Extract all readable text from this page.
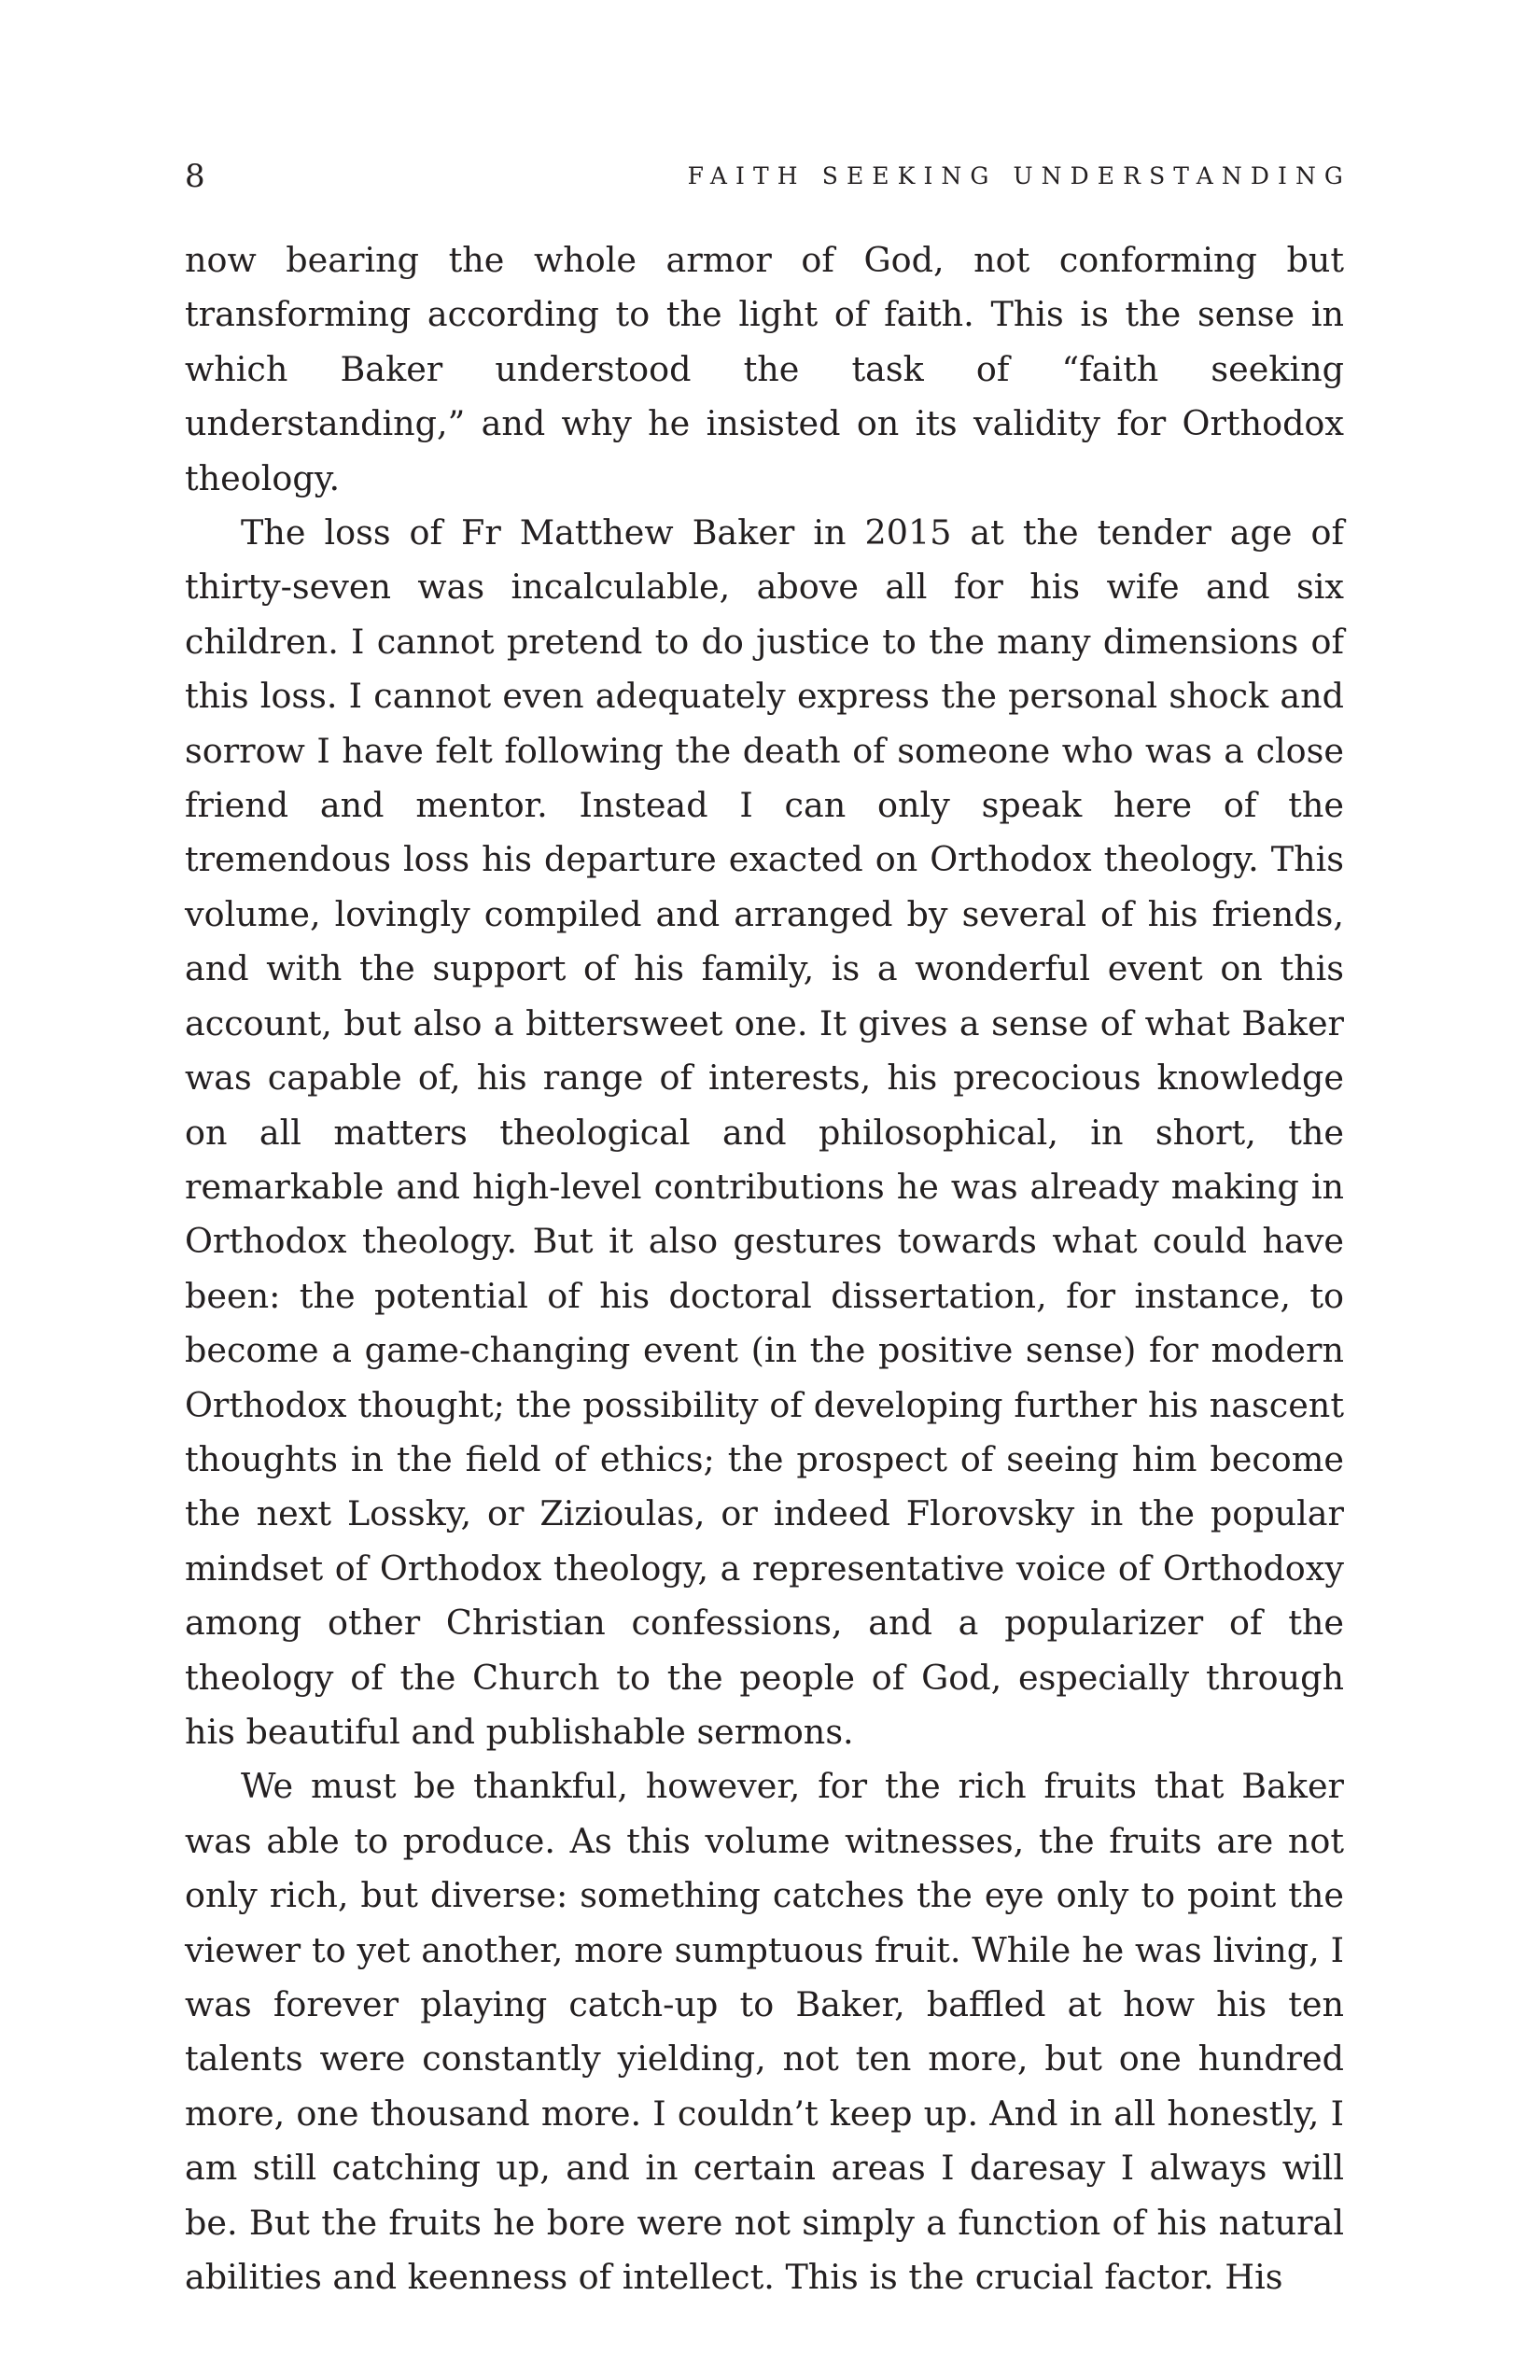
8	FAITH SEEKING UNDERSTANDING

now bearing the whole armor of God, not conforming but transforming according to the light of faith. This is the sense in which Baker understood the task of “faith seeking understanding,” and why he insisted on its validity for Orthodox theology.

The loss of Fr Matthew Baker in 2015 at the tender age of thirty-seven was incalculable, above all for his wife and six children. I cannot pretend to do justice to the many dimensions of this loss. I cannot even adequately express the personal shock and sorrow I have felt following the death of someone who was a close friend and mentor. Instead I can only speak here of the tremendous loss his departure exacted on Orthodox theology. This volume, lovingly compiled and arranged by several of his friends, and with the support of his family, is a wonderful event on this account, but also a bittersweet one. It gives a sense of what Baker was capable of, his range of interests, his precocious knowledge on all matters theological and philosophical, in short, the remarkable and high-level contributions he was already making in Orthodox theology. But it also gestures towards what could have been: the potential of his doctoral dissertation, for instance, to become a game-changing event (in the positive sense) for modern Orthodox thought; the possibility of developing further his nascent thoughts in the field of ethics; the prospect of seeing him become the next Lossky, or Zizioulas, or indeed Florovsky in the popular mindset of Orthodox theology, a representative voice of Orthodoxy among other Christian confessions, and a popularizer of the theology of the Church to the people of God, especially through his beautiful and publishable sermons.

We must be thankful, however, for the rich fruits that Baker was able to produce. As this volume witnesses, the fruits are not only rich, but diverse: something catches the eye only to point the viewer to yet another, more sumptuous fruit. While he was living, I was forever playing catch-up to Baker, baffled at how his ten talents were constantly yielding, not ten more, but one hundred more, one thousand more. I couldn’t keep up. And in all honestly, I am still catching up, and in certain areas I daresay I always will be. But the fruits he bore were not simply a function of his natural abilities and keenness of intellect. This is the crucial factor. His
